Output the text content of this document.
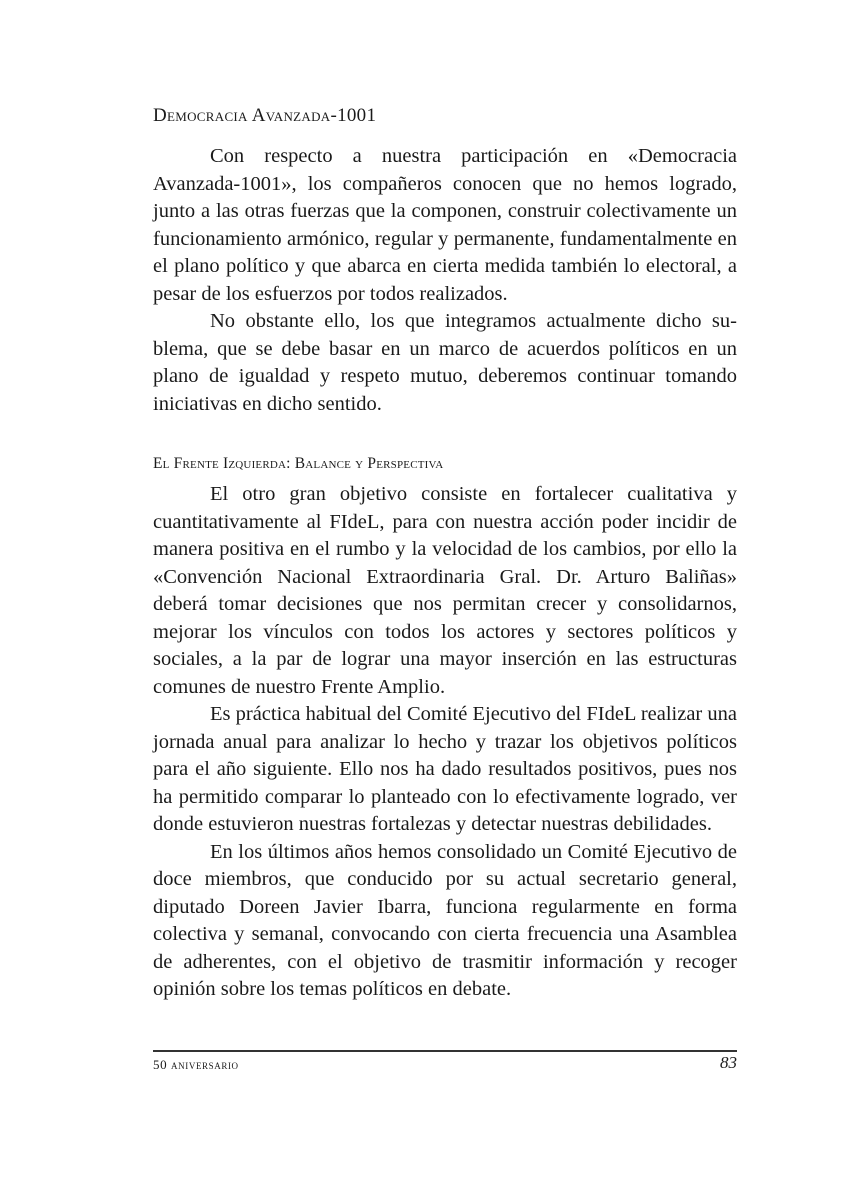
Democracia Avanzada-1001

Con respecto a nuestra participación en «Democracia Avanzada-1001», los compañeros conocen que no hemos logrado, junto a las otras fuerzas que la componen, construir colectivamente un funcionamiento armónico, regular y permanente, fundamentalmente en el plano político y que abarca en cierta medida también lo electoral, a pesar de los esfuerzos por todos realizados.

No obstante ello, los que integramos actualmente dicho sublema, que se debe basar en un marco de acuerdos políticos en un plano de igualdad y respeto mutuo, deberemos continuar tomando iniciativas en dicho sentido.

El Frente Izquierda: Balance y Perspectiva

El otro gran objetivo consiste en fortalecer cualitativa y cuantitativamente al FIdeL, para con nuestra acción poder incidir de manera positiva en el rumbo y la velocidad de los cambios, por ello la «Convención Nacional Extraordinaria Gral. Dr. Arturo Baliñas» deberá tomar decisiones que nos permitan crecer y consolidarnos, mejorar los vínculos con todos los actores y sectores políticos y sociales, a la par de lograr una mayor inserción en las estructuras comunes de nuestro Frente Amplio.

Es práctica habitual del Comité Ejecutivo del FIdeL realizar una jornada anual para analizar lo hecho y trazar los objetivos políticos para el año siguiente. Ello nos ha dado resultados positivos, pues nos ha permitido comparar lo planteado con lo efectivamente logrado, ver donde estuvieron nuestras fortalezas y detectar nuestras debilidades.

En los últimos años hemos consolidado un Comité Ejecutivo de doce miembros, que conducido por su actual secretario general, diputado Doreen Javier Ibarra, funciona regularmente en forma colectiva y semanal, convocando con cierta frecuencia una Asamblea de adherentes, con el objetivo de trasmitir información y recoger opinión sobre los temas políticos en debate.

50 aniversario	83
